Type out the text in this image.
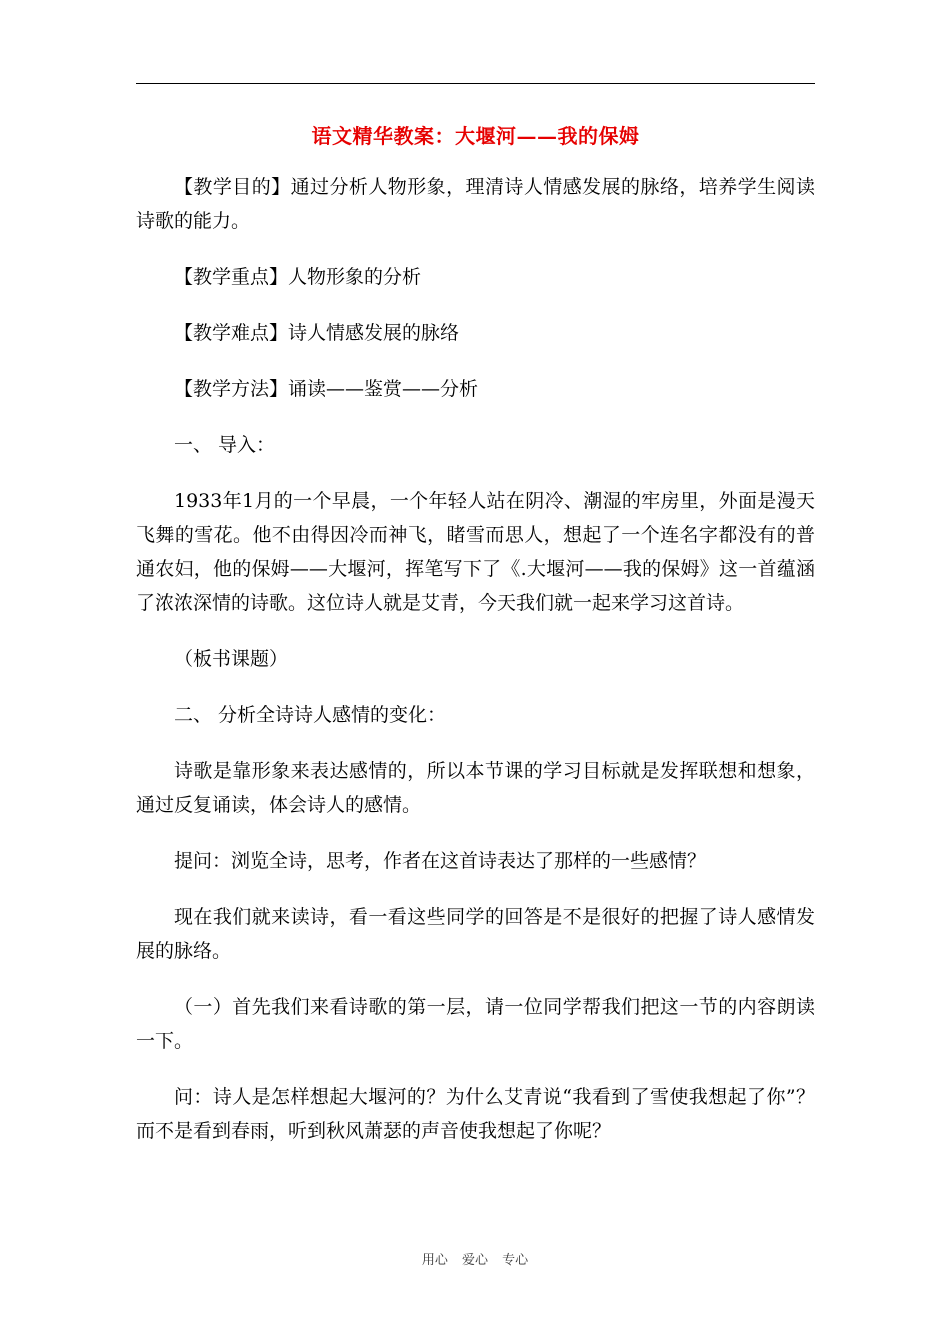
语文精华教案：大堰河——我的保姆

【教学目的】通过分析人物形象，理清诗人情感发展的脉络，培养学生阅读诗歌的能力。

【教学重点】人物形象的分析

【教学难点】诗人情感发展的脉络

【教学方法】诵读——鉴赏——分析

一、 导入：

1933年1月的一个早晨，一个年轻人站在阴冷、潮湿的牢房里，外面是漫天飞舞的雪花。他不由得因冷而神飞，睹雪而思人，想起了一个连名字都没有的普通农妇，他的保姆——大堰河，挥笔写下了《.大堰河——我的保姆》这一首蕴涵了浓浓深情的诗歌。这位诗人就是艾青，今天我们就一起来学习这首诗。

（板书课题）

二、 分析全诗诗人感情的变化：

诗歌是靠形象来表达感情的，所以本节课的学习目标就是发挥联想和想象，通过反复诵读，体会诗人的感情。

提问：浏览全诗，思考，作者在这首诗表达了那样的一些感情？

现在我们就来读诗，看一看这些同学的回答是不是很好的把握了诗人感情发展的脉络。

（一）首先我们来看诗歌的第一层，请一位同学帮我们把这一节的内容朗读一下。

问：诗人是怎样想起大堰河的？为什么艾青说“我看到了雪使我想起了你”？而不是看到春雨，听到秋风萧瑟的声音使我想起了你呢？

用心 爱心 专心
